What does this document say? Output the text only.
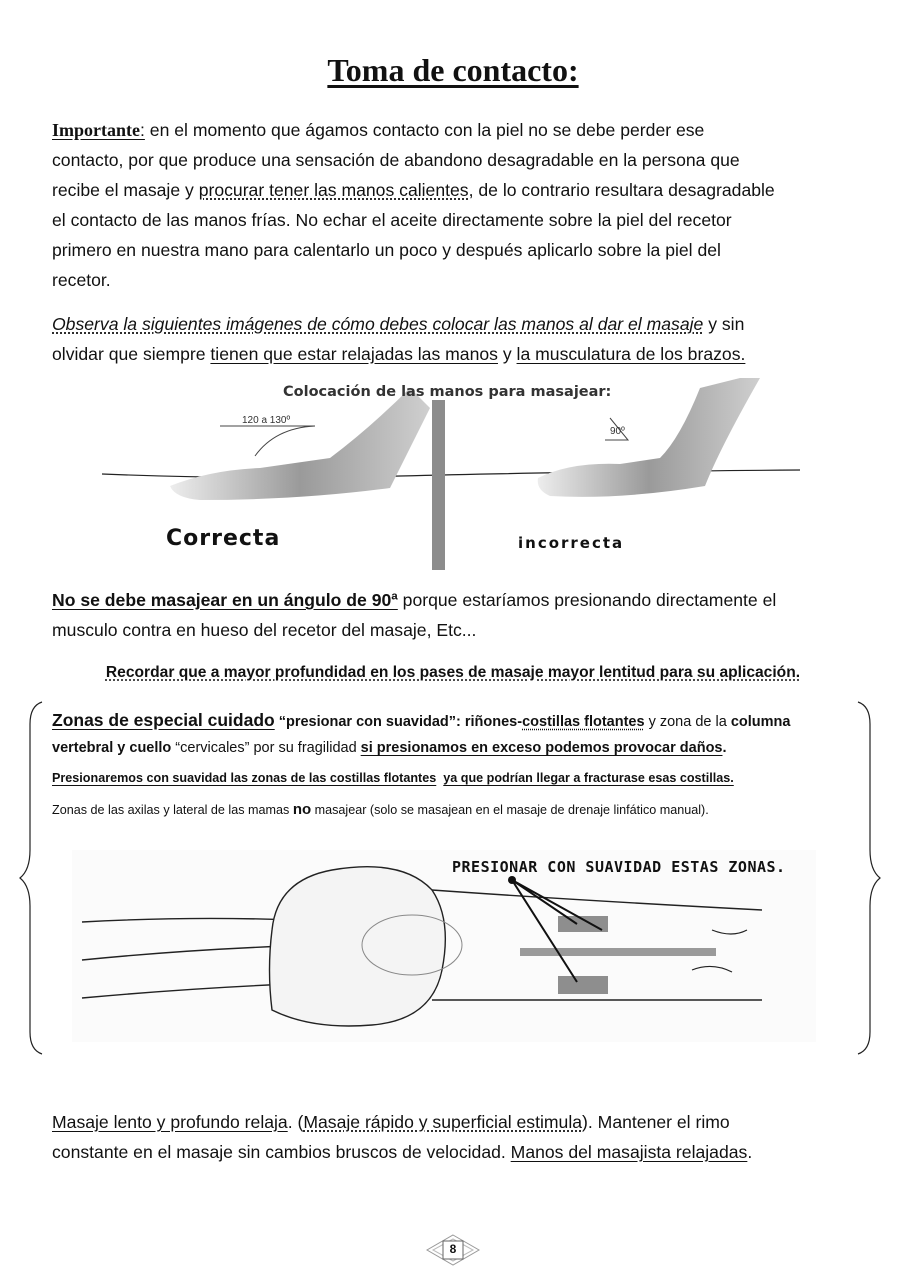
Toma de contacto:
Importante: en el momento que ágamos contacto con la piel no se debe perder ese
contacto, por que produce una sensación de abandono desagradable en la persona que
recibe el masaje y procurar tener las manos calientes, de lo contrario resultara desagradable
el contacto de las manos frías. No echar el aceite directamente sobre la piel del recetor
primero en nuestra mano para calentarlo un poco y después aplicarlo sobre la piel del
recetor.
Observa la siguientes imágenes de cómo debes colocar las manos al dar el masaje y sin
olvidar que siempre tienen que estar relajadas las manos y la musculatura de los brazos.
Colocación de las manos para masajear:
120 a 130º
90º
Correcta	incorrecta
No se debe masajear en un ángulo de 90ª porque estaríamos presionando directamente el
musculo contra en hueso del recetor del masaje, Etc...
Recordar que a mayor profundidad en los pases de masaje mayor lentitud para su aplicación.
Zonas de especial cuidado “presionar con suavidad”: riñones-costillas flotantes y zona de la columna
vertebral y cuello “cervicales” por su fragilidad si presionamos en exceso podemos provocar daños.
Presionaremos con suavidad las zonas de las costillas flotantes ya que podrían llegar a fracturase esas costillas.
Zonas de las axilas y lateral de las mamas no masajear (solo se masajean en el masaje de drenaje linfático manual).
PRESIONAR CON SUAVIDAD ESTAS ZONAS.
Masaje lento y profundo relaja. (Masaje rápido y superficial estimula). Mantener el rimo
constante en el masaje sin cambios bruscos de velocidad. Manos del masajista relajadas.
8
